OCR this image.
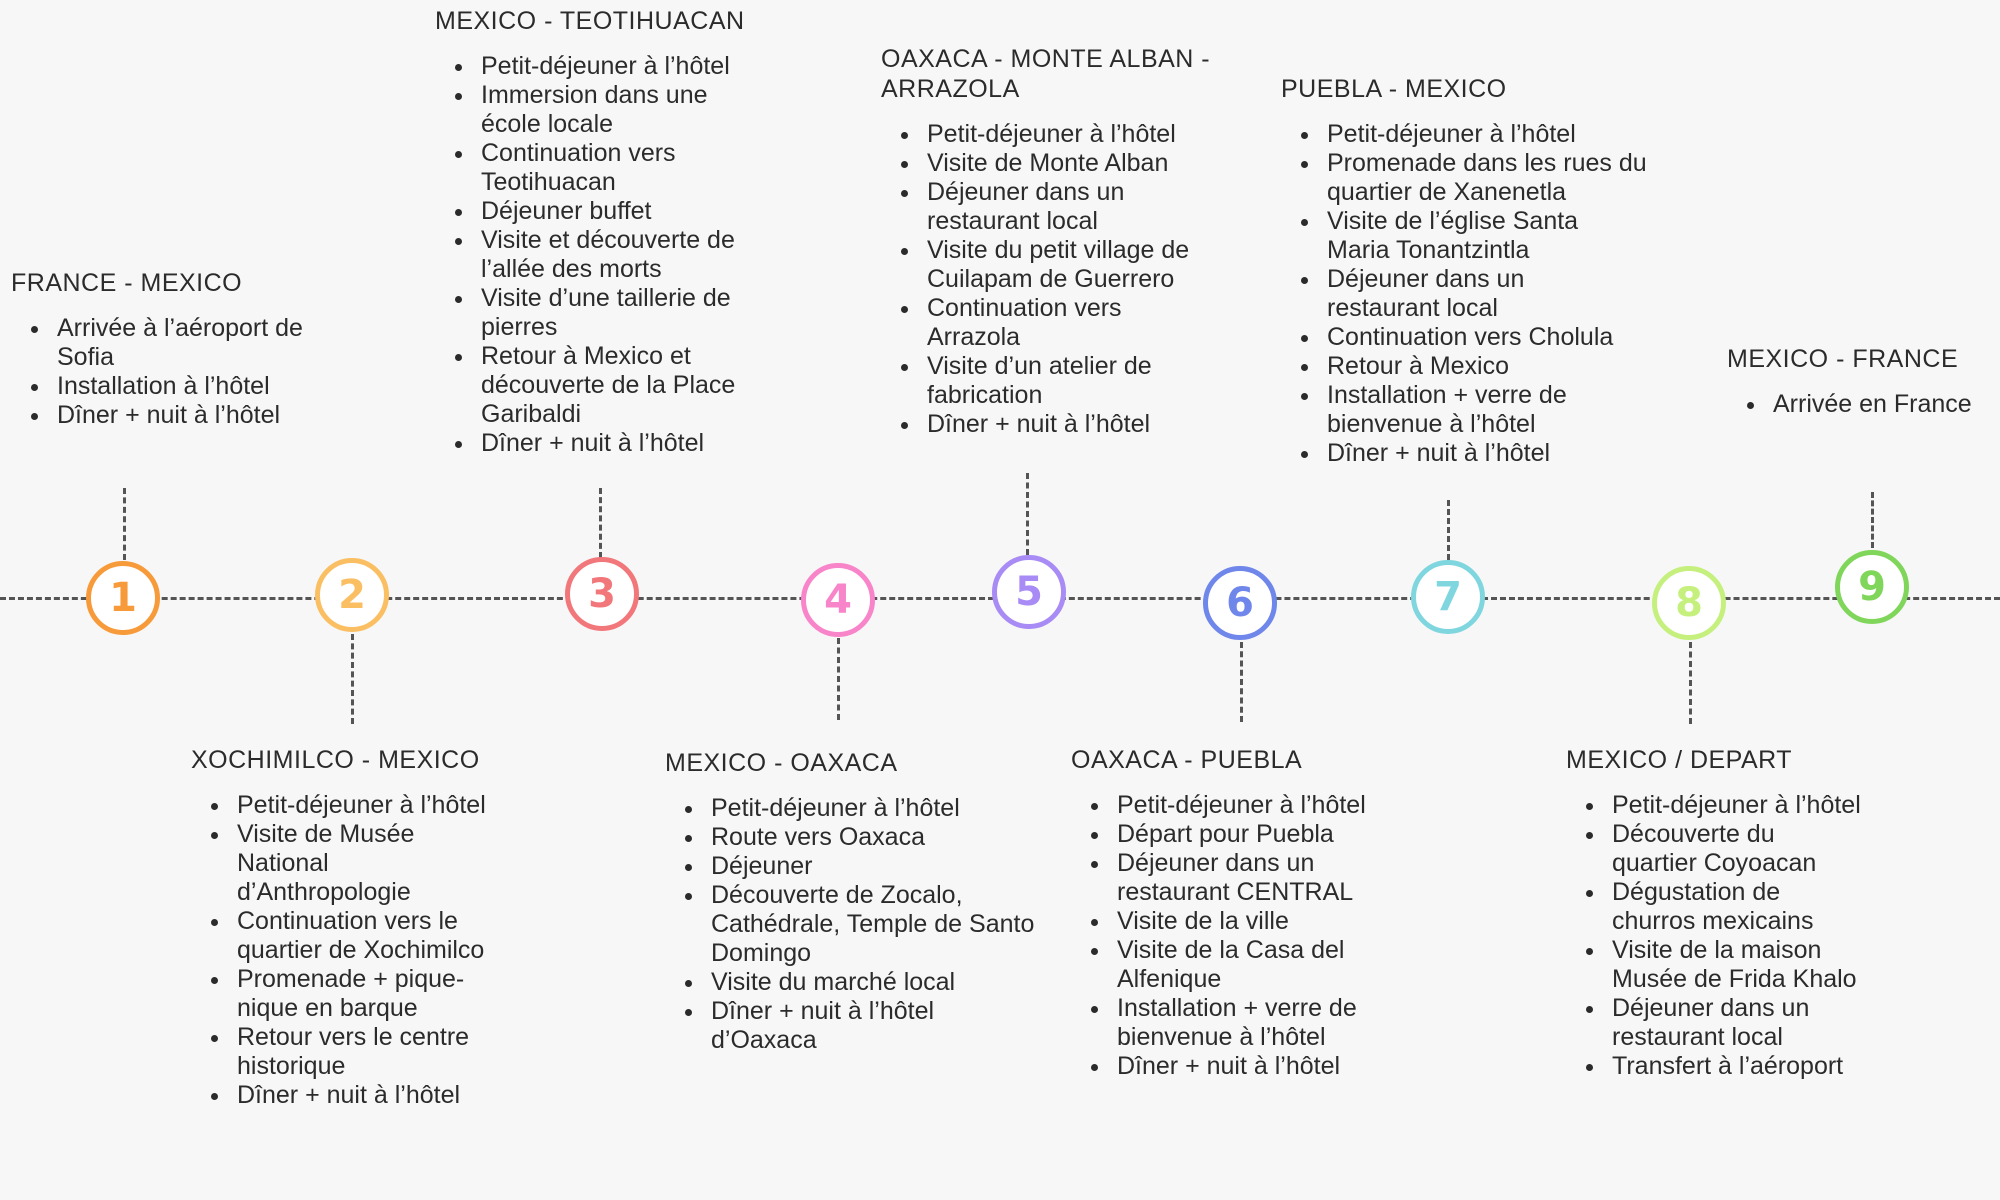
1	2	3	4	5	6	7	8	9
FRANCE - MEXICO
Arrivée à l’aéroport de Sofia
Installation à l’hôtel
Dîner + nuit à l’hôtel
XOCHIMILCO - MEXICO
Petit-déjeuner à l’hôtel
Visite de Musée National d’Anthropologie
Continuation vers le quartier de Xochimilco
Promenade + pique-nique en barque
Retour vers le centre historique
Dîner + nuit à l’hôtel
MEXICO - TEOTIHUACAN
Petit-déjeuner à l’hôtel
Immersion dans une école locale
Continuation vers Teotihuacan
Déjeuner buffet
Visite et découverte de l’allée des morts
Visite d’une taillerie de pierres
Retour à Mexico et découverte de la Place Garibaldi
Dîner + nuit à l’hôtel
MEXICO - OAXACA
Petit-déjeuner à l’hôtel
Route vers Oaxaca
Déjeuner
Découverte de Zocalo, Cathédrale, Temple de Santo Domingo
Visite du marché local
Dîner + nuit à l’hôtel d’Oaxaca
OAXACA - MONTE ALBAN - ARRAZOLA
Petit-déjeuner à l’hôtel
Visite de Monte Alban
Déjeuner dans un restaurant local
Visite du petit village de Cuilapam de Guerrero
Continuation vers Arrazola
Visite d’un atelier de fabrication
Dîner + nuit à l’hôtel
OAXACA - PUEBLA
Petit-déjeuner à l’hôtel
Départ pour Puebla
Déjeuner dans un restaurant CENTRAL
Visite de la ville
Visite de la Casa del Alfenique
Installation + verre de bienvenue à l’hôtel
Dîner + nuit à l’hôtel
PUEBLA - MEXICO
Petit-déjeuner à l’hôtel
Promenade dans les rues du quartier de Xanenetla
Visite de l’église Santa Maria Tonantzintla
Déjeuner dans un restaurant local
Continuation vers Cholula
Retour à Mexico
Installation + verre de bienvenue à l’hôtel
Dîner + nuit à l’hôtel
MEXICO / DEPART
Petit-déjeuner à l’hôtel
Découverte du quartier Coyoacan
Dégustation de churros mexicains
Visite de la maison Musée de Frida Khalo
Déjeuner dans un restaurant local
Transfert à l’aéroport
MEXICO - FRANCE
Arrivée en France
